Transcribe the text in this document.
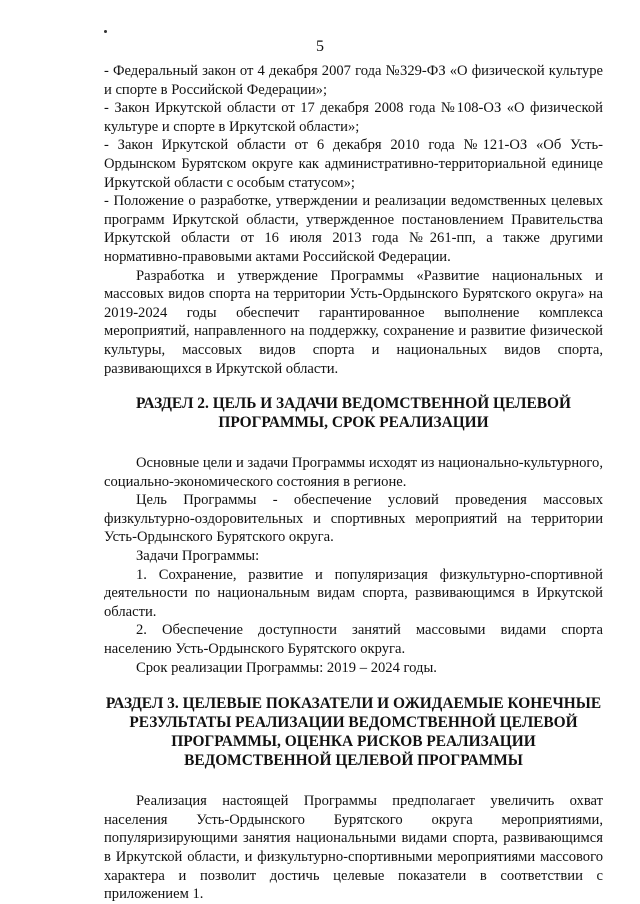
5

- Федеральный закон от 4 декабря 2007 года №329-ФЗ «О физической культуре и спорте в Российской Федерации»;

- Закон Иркутской области от 17 декабря 2008 года №108-ОЗ «О физической культуре и спорте в Иркутской области»;

- Закон Иркутской области от 6 декабря 2010 года №121-ОЗ «Об Усть-Ордынском Бурятском округе как административно-территориальной единице Иркутской области с особым статусом»;

- Положение о разработке, утверждении и реализации ведомственных целевых программ Иркутской области, утвержденное постановлением Правительства Иркутской области от 16 июля 2013 года №261-пп, а также другими нормативно-правовыми актами Российской Федерации.

Разработка и утверждение Программы «Развитие национальных и массовых видов спорта на территории Усть-Ордынского Бурятского округа» на 2019-2024 годы обеспечит гарантированное выполнение комплекса мероприятий, направленного на поддержку, сохранение и развитие физической культуры, массовых видов спорта и национальных видов спорта, развивающихся в Иркутской области.

РАЗДЕЛ 2. ЦЕЛЬ И ЗАДАЧИ ВЕДОМСТВЕННОЙ ЦЕЛЕВОЙ ПРОГРАММЫ, СРОК РЕАЛИЗАЦИИ

Основные цели и задачи Программы исходят из национально-культурного, социально-экономического состояния в регионе.

Цель Программы - обеспечение условий проведения массовых физкультурно-оздоровительных и спортивных мероприятий на территории Усть-Ордынского Бурятского округа.

Задачи Программы:

1. Сохранение, развитие и популяризация физкультурно-спортивной деятельности по национальным видам спорта, развивающимся в Иркутской области.

2. Обеспечение доступности занятий массовыми видами спорта населению Усть-Ордынского Бурятского округа.

Срок реализации Программы: 2019 – 2024 годы.

РАЗДЕЛ 3. ЦЕЛЕВЫЕ ПОКАЗАТЕЛИ И ОЖИДАЕМЫЕ КОНЕЧНЫЕ РЕЗУЛЬТАТЫ РЕАЛИЗАЦИИ ВЕДОМСТВЕННОЙ ЦЕЛЕВОЙ ПРОГРАММЫ, ОЦЕНКА РИСКОВ РЕАЛИЗАЦИИ ВЕДОМСТВЕННОЙ ЦЕЛЕВОЙ ПРОГРАММЫ

Реализация настоящей Программы предполагает увеличить охват населения Усть-Ордынского Бурятского округа мероприятиями, популяризирующими занятия национальными видами спорта, развивающимся в Иркутской области, и физкультурно-спортивными мероприятиями массового характера и позволит достичь целевые показатели в соответствии с приложением 1.
